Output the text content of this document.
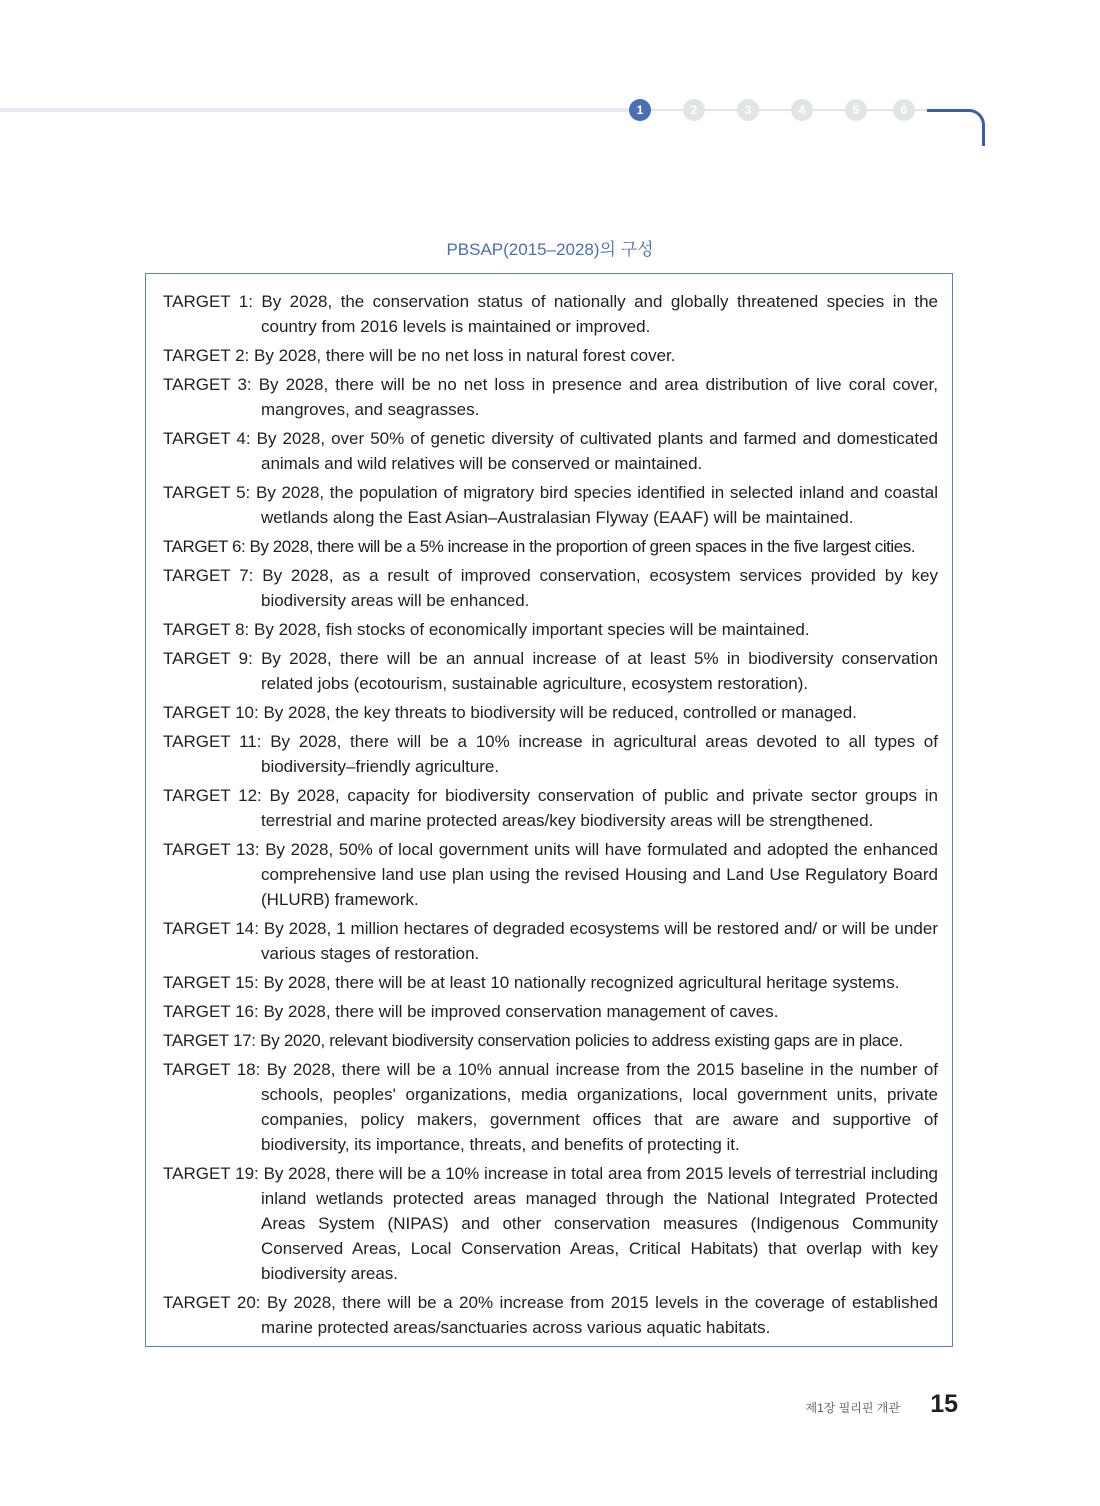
1	2	3	4	5	6
PBSAP(2015–2028)의 구성
TARGET 1: By 2028, the conservation status of nationally and globally threatened species in the country from 2016 levels is maintained or improved.
TARGET 2: By 2028, there will be no net loss in natural forest cover.
TARGET 3: By 2028, there will be no net loss in presence and area distribution of live coral cover, mangroves, and seagrasses.
TARGET 4: By 2028, over 50% of genetic diversity of cultivated plants and farmed and domesticated animals and wild relatives will be conserved or maintained.
TARGET 5: By 2028, the population of migratory bird species identified in selected inland and coastal wetlands along the East Asian–Australasian Flyway (EAAF) will be maintained.
TARGET 6: By 2028, there will be a 5% increase in the proportion of green spaces in the five largest cities.
TARGET 7: By 2028, as a result of improved conservation, ecosystem services provided by key biodiversity areas will be enhanced.
TARGET 8: By 2028, fish stocks of economically important species will be maintained.
TARGET 9: By 2028, there will be an annual increase of at least 5% in biodiversity conservation related jobs (ecotourism, sustainable agriculture, ecosystem restoration).
TARGET 10: By 2028, the key threats to biodiversity will be reduced, controlled or managed.
TARGET 11: By 2028, there will be a 10% increase in agricultural areas devoted to all types of biodiversity–friendly agriculture.
TARGET 12: By 2028, capacity for biodiversity conservation of public and private sector groups in terrestrial and marine protected areas/key biodiversity areas will be strengthened.
TARGET 13: By 2028, 50% of local government units will have formulated and adopted the enhanced comprehensive land use plan using the revised Housing and Land Use Regulatory Board (HLURB) framework.
TARGET 14: By 2028, 1 million hectares of degraded ecosystems will be restored and/ or will be under various stages of restoration.
TARGET 15: By 2028, there will be at least 10 nationally recognized agricultural heritage systems.
TARGET 16: By 2028, there will be improved conservation management of caves.
TARGET 17: By 2020, relevant biodiversity conservation policies to address existing gaps are in place.
TARGET 18: By 2028, there will be a 10% annual increase from the 2015 baseline in the number of schools, peoples' organizations, media organizations, local government units, private companies, policy makers, government offices that are aware and supportive of biodiversity, its importance, threats, and benefits of protecting it.
TARGET 19: By 2028, there will be a 10% increase in total area from 2015 levels of terrestrial including inland wetlands protected areas managed through the National Integrated Protected Areas System (NIPAS) and other conservation measures (Indigenous Community Conserved Areas, Local Conservation Areas, Critical Habitats) that overlap with key biodiversity areas.
TARGET 20: By 2028, there will be a 20% increase from 2015 levels in the coverage of established marine protected areas/sanctuaries across various aquatic habitats.
제1장 필리핀 개관	15
